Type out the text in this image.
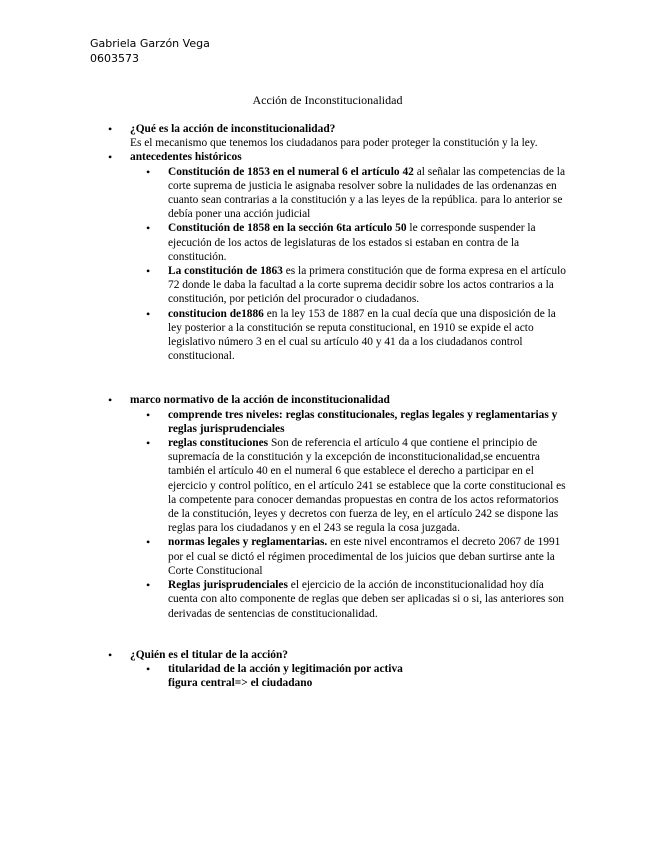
Gabriela Garzón Vega
0603573
Acción de Inconstitucionalidad
• ¿Qué es la acción de inconstitucionalidad?

Es el mecanismo que tenemos los ciudadanos para poder proteger la constitución y la ley.

• antecedentes históricos
• Constitución de 1853 en el numeral 6 el artículo 42 al señalar las competencias de la corte suprema de justicia le asignaba resolver sobre la nulidades de las ordenanzas en cuanto sean contrarias a la constitución y a las leyes de la república. para lo anterior se debía poner una acción judicial
• Constitución de 1858 en la sección 6ta artículo 50 le corresponde suspender la ejecución de los actos de legislaturas de los estados si estaban en contra de la constitución.
• La constitución de 1863 es la primera constitución que de forma expresa en el artículo 72 donde le daba la facultad a la corte suprema decidir sobre los actos contrarios a la constitución, por petición del procurador o ciudadanos.
• constitucion de1886 en la ley 153 de 1887 en la cual decía que una disposición de la ley posterior a la constitución se reputa constitucional, en 1910 se expide el acto legislativo número 3 en el cual su artículo 40 y 41 da a los ciudadanos control constitucional.
• marco normativo de la acción de inconstitucionalidad
• comprende tres niveles: reglas constitucionales, reglas legales y reglamentarias y reglas jurisprudenciales
• reglas constituciones Son de referencia el artículo 4 que contiene el principio de supremacía de la constitución y la excepción de inconstitucionalidad,se encuentra también el artículo 40 en el numeral 6 que establece el derecho a participar en el ejercicio y control político, en el artículo 241 se establece que la corte constitucional es la competente para conocer demandas propuestas en contra de los actos reformatorios de la constitución, leyes y decretos con fuerza de ley, en el artículo 242 se dispone las reglas para los ciudadanos y en el 243 se regula la cosa juzgada.
• normas legales y reglamentarias. en este nivel encontramos el decreto 2067 de 1991 por el cual se dictó el régimen procedimental de los juicios que deban surtirse ante la Corte Constitucional
• Reglas jurisprudenciales el ejercicio de la acción de inconstitucionalidad hoy día cuenta con alto componente de reglas que deben ser aplicadas si o si, las anteriores son derivadas de sentencias de constitucionalidad.
• ¿Quién es el titular de la acción?
• titularidad de la acción y legitimación por activa
figura central=> el ciudadano
